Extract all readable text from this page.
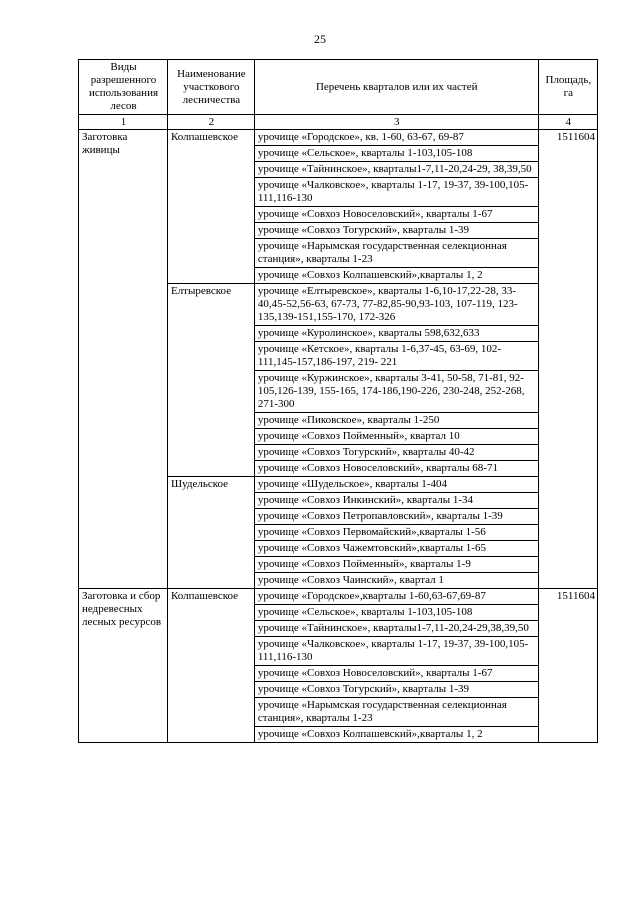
25
Виды разрешенного использования лесов	Наименование участкового лесничества	Перечень кварталов или их частей	Площадь, га
1	2	3	4
Заготовка живицы	Колпашевское	урочище «Городское», кв. 1-60, 63-67, 69-87	1511604
		урочище «Сельское», кварталы 1-103,105-108	
		урочище «Тайнинское», кварталы1-7,11-20,24-29, 38,39,50	
		урочище «Чалковское», кварталы 1-17, 19-37, 39-100,105-111,116-130	
		урочище «Совхоз Новоселовский», кварталы 1-67	
		урочище «Совхоз Тогурский», кварталы 1-39	
		урочище «Нарымская государственная селекционная станция», кварталы 1-23	
		урочище «Совхоз Колпашевский»,кварталы 1, 2	
	Елтыревское	урочище «Елтыревское», кварталы 1-6,10-17,22-28, 33-40,45-52,56-63, 67-73, 77-82,85-90,93-103, 107-119, 123-135,139-151,155-170, 172-326	
		урочище «Куролинское», кварталы 598,632,633	
		урочище «Кетское», кварталы 1-6,37-45, 63-69, 102-111,145-157,186-197, 219- 221	
		урочище «Куржинское», кварталы 3-41, 50-58, 71-81, 92-105,126-139, 155-165, 174-186,190-226, 230-248, 252-268, 271-300	
		урочище «Пиковское», кварталы 1-250	
		урочище «Совхоз Пойменный», квартал 10	
		урочище «Совхоз Тогурский», кварталы 40-42	
		урочище «Совхоз Новоселовский», кварталы 68-71	
	Шудельское	урочище «Шудельское», кварталы 1-404	
		урочище «Совхоз Инкинский», кварталы 1-34	
		урочище «Совхоз Петропавловский», кварталы 1-39	
		урочище «Совхоз Первомайский»,кварталы 1-56	
		урочище «Совхоз Чажемтовский»,кварталы 1-65	
		урочище «Совхоз Пойменный», кварталы 1-9	
		урочище «Совхоз Чаинский», квартал 1	
Заготовка и сбор недревесных лесных ресурсов	Колпашевское	урочище «Городское»,кварталы 1-60,63-67,69-87	1511604
		урочище «Сельское», кварталы 1-103,105-108	
		урочище «Тайнинское», кварталы1-7,11-20,24-29,38,39,50	
		урочище «Чалковское», кварталы 1-17, 19-37, 39-100,105-111,116-130	
		урочище «Совхоз Новоселовский», кварталы 1-67	
		урочище «Совхоз Тогурский», кварталы 1-39	
		урочище «Нарымская государственная селекционная станция», кварталы 1-23	
		урочище «Совхоз Колпашевский»,кварталы 1, 2	
